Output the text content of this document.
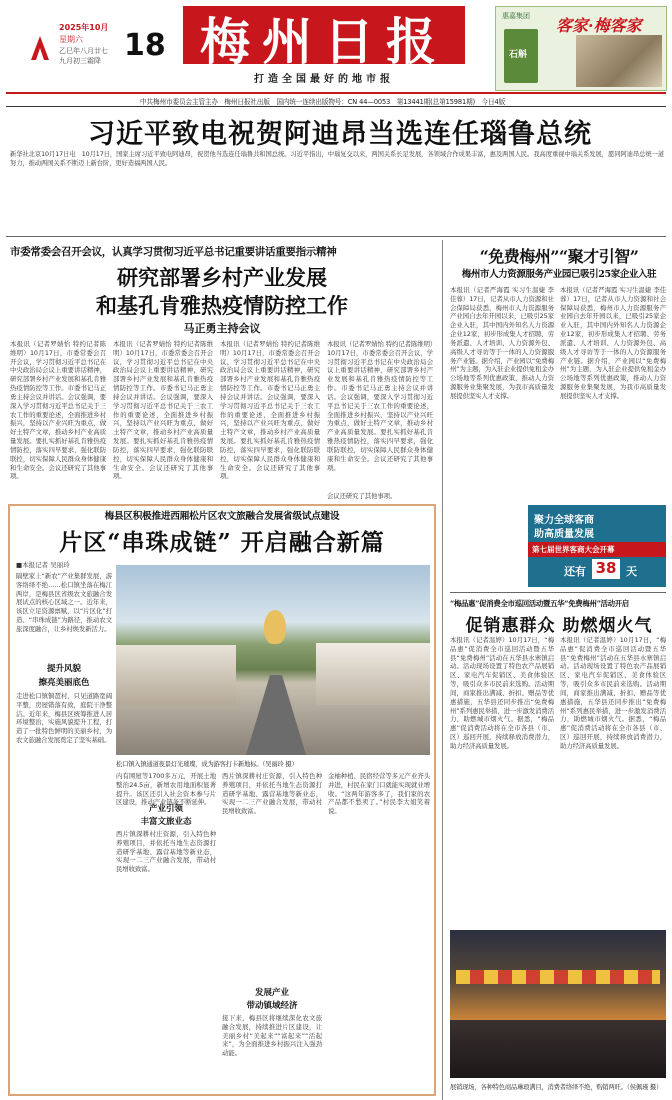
2025年10月
星期六
乙巳年八月廿七
九月初三霜降 18 梅州日报
打造全国最好的地市报
惠嘉集团 客家·梅客家
石斛
中共梅州市委员会主管主办　梅州日报社出版　国内统一连续出版物号：CN 44—0053　第13441期(总第15981期)　今日4版
习近平致电祝贺阿迪昂当选连任瑙鲁总统
新华社北京10月17日电　10月17日，国家主席习近平致电阿迪昂，祝贺他当选连任瑙鲁共和国总统。习近平指出，中瑙复交以来，两国关系长足发展，各领域合作成果丰富，惠及两国人民。我高度重视中瑙关系发展，愿同阿迪昂总统一道努力，推动两国关系不断迈上新台阶，更好造福两国人民。
市委常委会召开会议，认真学习贯彻习近平总书记重要讲话重要指示精神
研究部署乡村产业发展
和基孔肯雅热疫情防控工作
马正勇主持会议
本报讯（记者罗婧怡 特约记者陈维明）10月17日，市委常委会召开会议，学习贯彻习近平总书记在中央政治局会议上重要讲话精神，研究部署乡村产业发展和基孔肯雅热疫情防控等工作。市委书记马正勇主持会议并讲话。会议强调，要深入学习贯彻习近平总书记关于三农工作的重要论述，全面推进乡村振兴，坚持以产业兴旺为重点，做好土特产文章，推动乡村产业高质量发展。要扎实抓好基孔肯雅热疫情防控，落实四早要求，强化联防联控，切实保障人民群众身体健康和生命安全。会议还研究了其他事项。
本报讯（记者罗婧怡 特约记者陈维明）10月17日，市委常委会召开会议，学习贯彻习近平总书记在中央政治局会议上重要讲话精神，研究部署乡村产业发展和基孔肯雅热疫情防控等工作。市委书记马正勇主持会议并讲话。会议强调，要深入学习贯彻习近平总书记关于三农工作的重要论述，全面推进乡村振兴，坚持以产业兴旺为重点，做好土特产文章，推动乡村产业高质量发展。要扎实抓好基孔肯雅热疫情防控，落实四早要求，强化联防联控，切实保障人民群众身体健康和生命安全。会议还研究了其他事项。
本报讯（记者罗婧怡 特约记者陈维明）10月17日，市委常委会召开会议，学习贯彻习近平总书记在中央政治局会议上重要讲话精神，研究部署乡村产业发展和基孔肯雅热疫情防控等工作。市委书记马正勇主持会议并讲话。会议强调，要深入学习贯彻习近平总书记关于三农工作的重要论述，全面推进乡村振兴，坚持以产业兴旺为重点，做好土特产文章，推动乡村产业高质量发展。要扎实抓好基孔肯雅热疫情防控，落实四早要求，强化联防联控，切实保障人民群众身体健康和生命安全。会议还研究了其他事项。
本报讯（记者罗婧怡 特约记者陈维明）10月17日，市委常委会召开会议，学习贯彻习近平总书记在中央政治局会议上重要讲话精神，研究部署乡村产业发展和基孔肯雅热疫情防控等工作。市委书记马正勇主持会议并讲话。会议强调，要深入学习贯彻习近平总书记关于三农工作的重要论述，全面推进乡村振兴，坚持以产业兴旺为重点，做好土特产文章，推动乡村产业高质量发展。要扎实抓好基孔肯雅热疫情防控，落实四早要求，强化联防联控，切实保障人民群众身体健康和生命安全。会议还研究了其他事项。
会议还研究了其他事项。
“免费梅州”“聚才引智”
梅州市人力资源服务产业园已吸引25家企业入驻
本报讯（记者严海霞 实习生温婕 李佳蓉）17日，记者从市人力资源和社会保障局获悉，梅州市人力资源服务产业园自去年开园以来，已吸引25家企业入驻，其中国内外知名人力资源企业12家，初步形成集人才招聘、劳务派遣、人才培训、人力资源外包、高级人才寻访等于一体的人力资源服务产业链。据介绍，产业园以“免费梅州”为主题，为入驻企业提供免租金办公场地等系列优惠政策，推动人力资源服务业集聚发展，为我市高质量发展提供坚实人才支撑。
本报讯（记者严海霞 实习生温婕 李佳蓉）17日，记者从市人力资源和社会保障局获悉，梅州市人力资源服务产业园自去年开园以来，已吸引25家企业入驻，其中国内外知名人力资源企业12家，初步形成集人才招聘、劳务派遣、人才培训、人力资源外包、高级人才寻访等于一体的人力资源服务产业链。据介绍，产业园以“免费梅州”为主题，为入驻企业提供免租金办公场地等系列优惠政策，推动人力资源服务业集聚发展，为我市高质量发展提供坚实人才支撑。
聚力全球客商
助高质量发展
第七届世界客商大会开幕
还有 38 天
“梅品惠”促消费全市巡回活动暨五华“免费梅州”活动开启
促销惠群众 助燃烟火气
本报讯（记者温婷）10月17日，“梅品惠”促消费全市巡回活动暨五华县“免费梅州”活动在五华县水寨镇启动。活动现场设置了特色农产品展销区、家电汽车促销区、美食体验区等，吸引众多市民前来选购。活动期间，商家推出满减、折扣、赠品等优惠措施，五华县还同步推出“免费梅州”系列惠民举措，进一步激发消费活力，助燃城市烟火气。据悉，“梅品惠”促消费活动将在全市各县（市、区）巡回开展，持续释放消费潜力，助力经济高质量发展。
本报讯（记者温婷）10月17日，“梅品惠”促消费全市巡回活动暨五华县“免费梅州”活动在五华县水寨镇启动。活动现场设置了特色农产品展销区、家电汽车促销区、美食体验区等，吸引众多市民前来选购。活动期间，商家推出满减、折扣、赠品等优惠措施，五华县还同步推出“免费梅州”系列惠民举措，进一步激发消费活力，助燃城市烟火气。据悉，“梅品惠”促消费活动将在全市各县（市、区）巡回开展，持续释放消费潜力，助力经济高质量发展。
展销现场，各种特色商品琳琅满目，消费者络绎不绝，购销两旺。（侯佩瑾 摄）
梅县区积极推进西厢松片区农文旅融合发展省级试点建设
片区“串珠成链” 开启融合新篇
■本报记者 吴丽玲
隔壁家上“新农”产业集群发展，游客络绎不绝……松口镇坐落在梅江两岸，是梅县区省级农文旅融合发展试点的核心区域之一。近年来，该区立足资源禀赋，以“片区化”打造、“串珠成链”为路径，推动农文旅深度融合，让乡村焕发新活力。
提升风貌
擦亮美丽底色
走进松口镇铜琶村，只见道路宽阔平整，房屋错落有致，庭院干净整洁。近年来，梅县区统筹推进人居环境整治，实施风貌提升工程，打造了一批特色鲜明的美丽乡村，为农文旅融合发展奠定了坚实基础。
松口镇入镇通道夜景灯光璀璨，成为游客打卡新地标。（吴丽玲 摄）
内有围屋等1700多万元，开展土地整治24.5亩，新增农用地面积显著提升。该区还引入社会资本参与片区建设，推动产业链条不断延伸。
产业引领
丰富文旅业态
西片镇深耕村庄资源，引入特色种养殖项目，并依托当地生态资源打造研学基地、露营基地等新业态，实现一二三产业融合发展，带动村民增收致富。
西片镇深耕村庄资源，引入特色种养殖项目，并依托当地生态资源打造研学基地、露营基地等新业态，实现一二三产业融合发展，带动村民增收致富。
发展产业
带动镇域经济
接下来，梅县区将继续深化农文旅融合发展，持续推进片区建设，让美丽乡村“美起来”“富起来”“活起来”，为全面推进乡村振兴注入强劲动能。
金柚种植、民宿经营等多元产业齐头并进，村民在家门口就能实现就业增收。“这两年游客多了，我们家的农产品都不愁卖了。”村民李大姐笑着说。
